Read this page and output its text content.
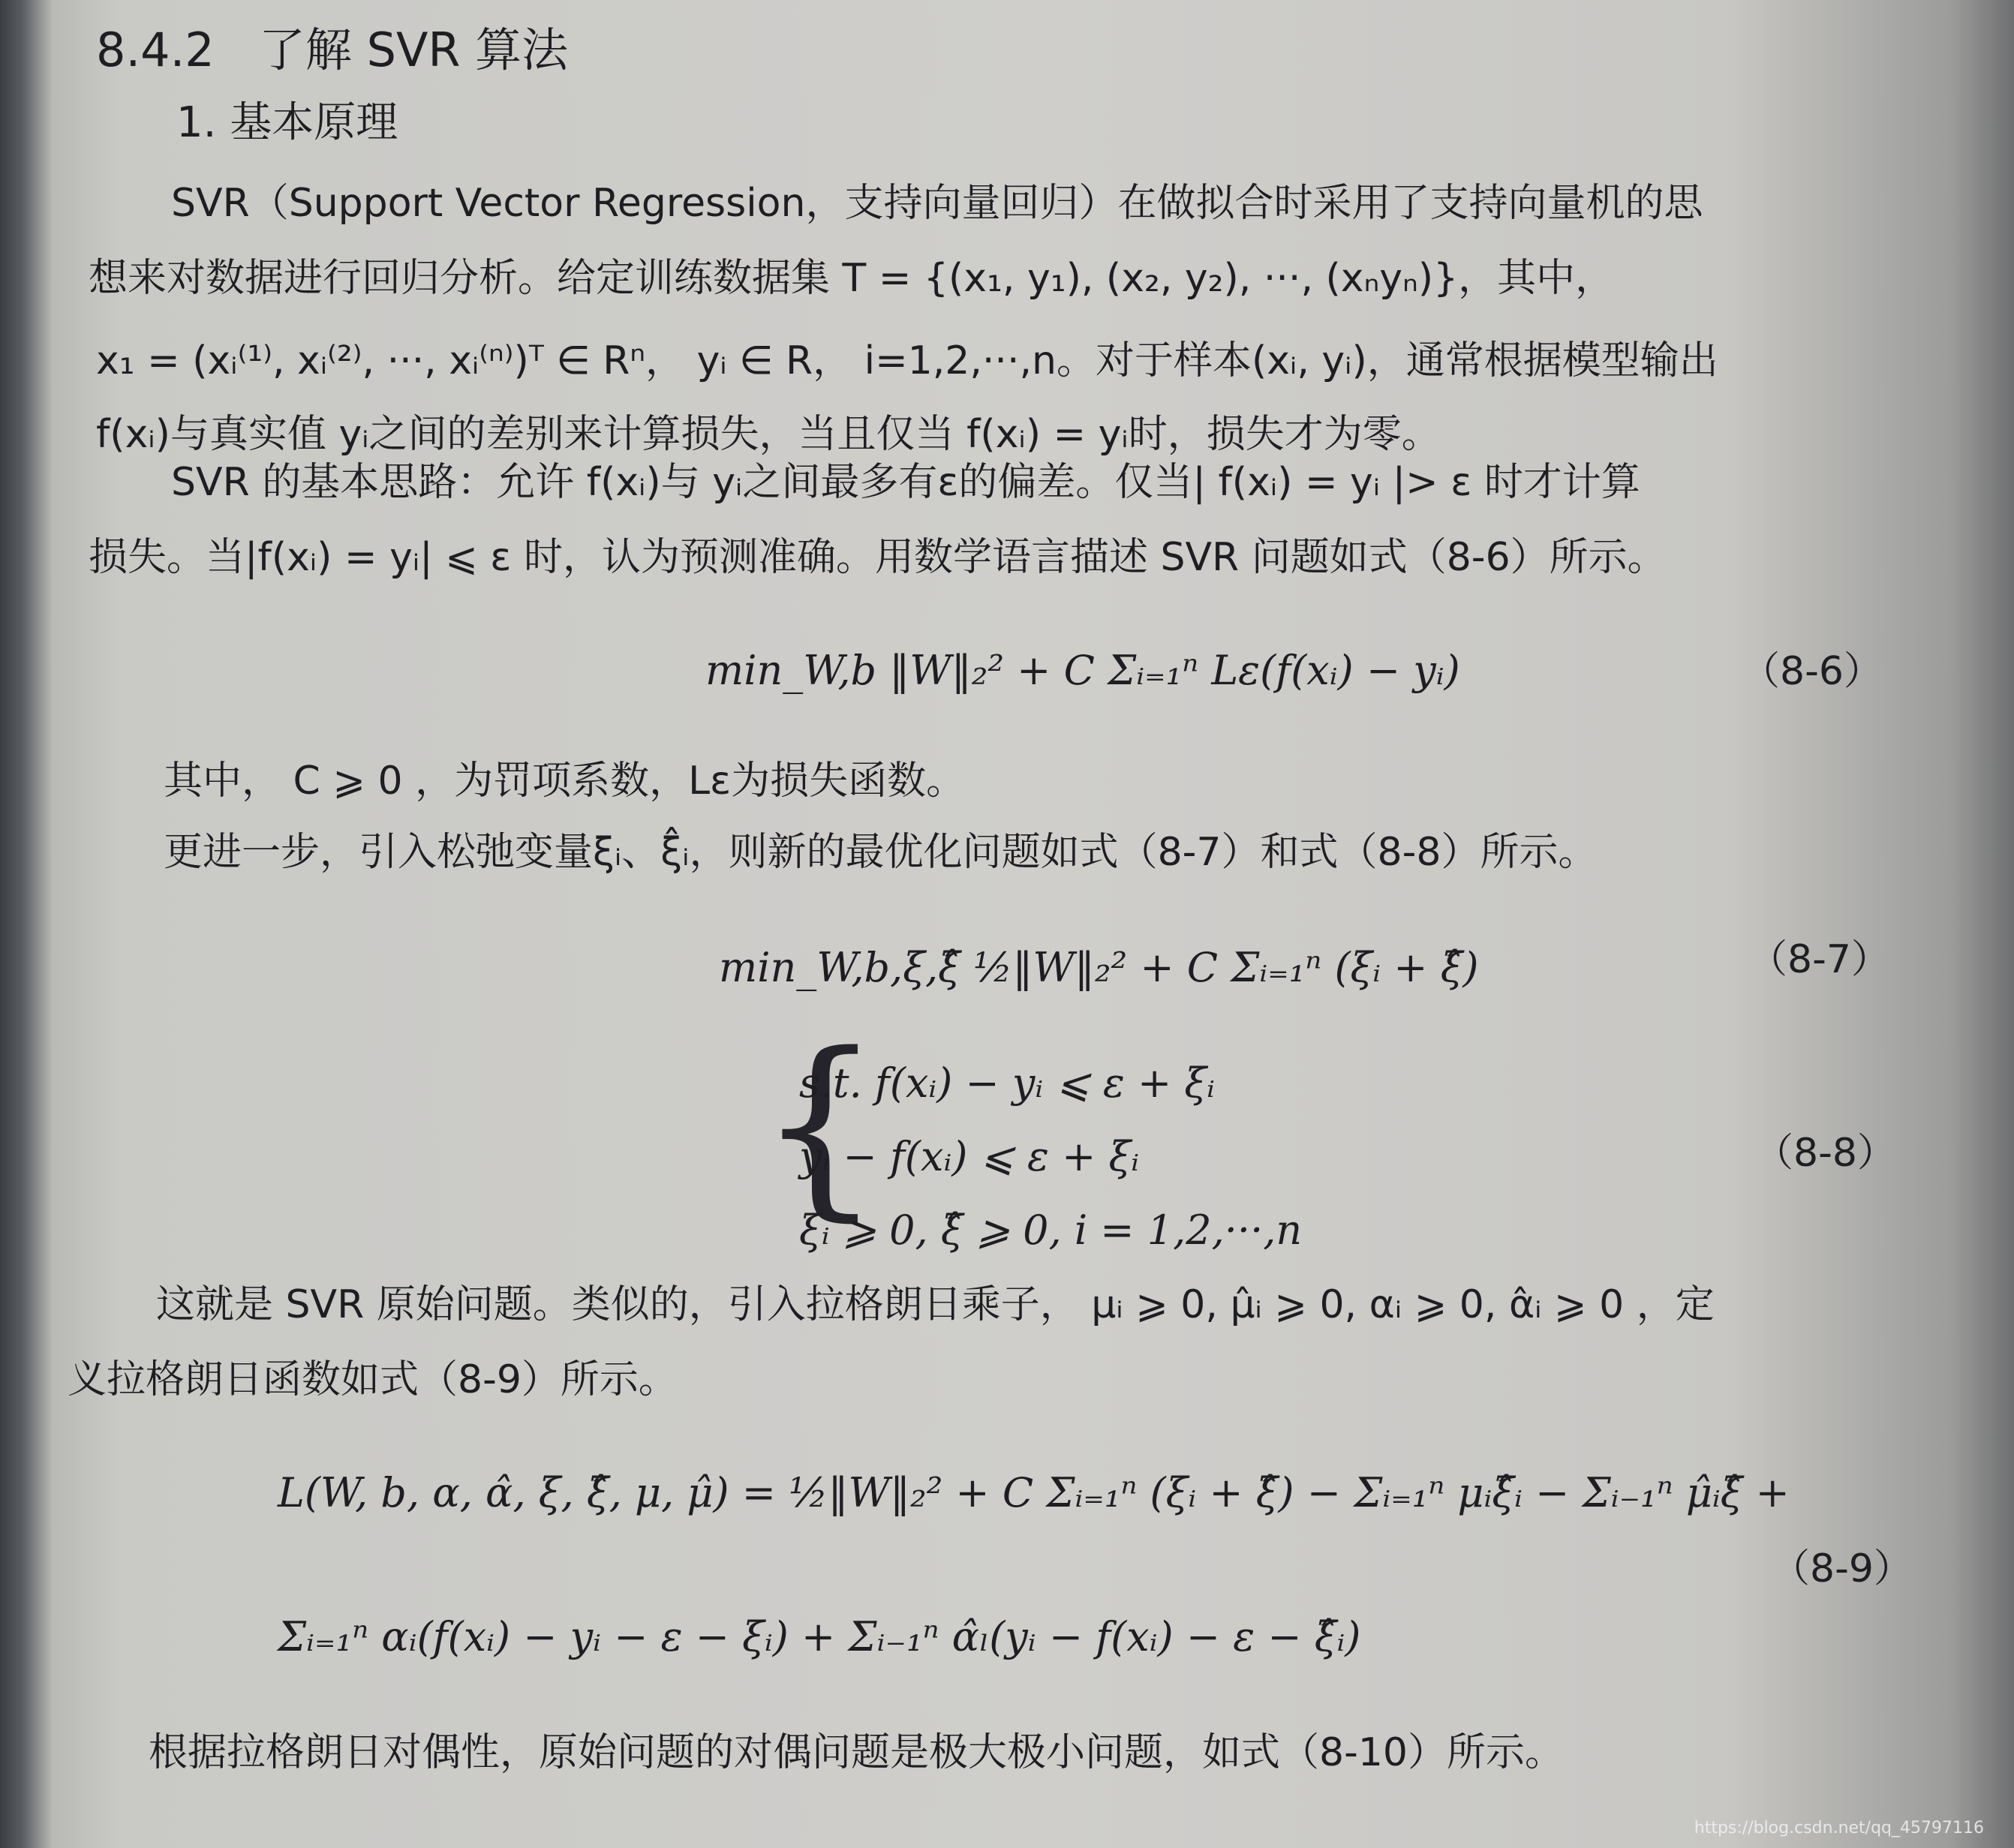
8.4.2 了解 SVR 算法
1. 基本原理
SVR（Support Vector Regression，支持向量回归）在做拟合时采用了支持向量机的思
想来对数据进行回归分析。给定训练数据集 T = {(x₁, y₁), (x₂, y₂), ···, (xₙyₙ)}，其中，
x₁ = (xᵢ⁽¹⁾, xᵢ⁽²⁾, ···, xᵢ⁽ⁿ⁾)ᵀ ∈ Rⁿ， yᵢ ∈ R， i=1,2,···,n。对于样本(xᵢ, yᵢ)，通常根据模型输出
f(xᵢ)与真实值 yᵢ之间的差别来计算损失，当且仅当 f(xᵢ) = yᵢ时，损失才为零。
SVR 的基本思路：允许 f(xᵢ)与 yᵢ之间最多有ε的偏差。仅当| f(xᵢ) = yᵢ |> ε 时才计算
损失。当|f(xᵢ) = yᵢ| ⩽ ε 时，认为预测准确。用数学语言描述 SVR 问题如式（8-6）所示。
min_W,b ‖W‖₂² + C Σᵢ₌₁ⁿ Lε(f(xᵢ) − yᵢ)	（8-6）
其中， C ⩾ 0 ，为罚项系数，Lε为损失函数。
更进一步，引入松弛变量ξᵢ、ξ̂ᵢ，则新的最优化问题如式（8-7）和式（8-8）所示。
min_W,b,ξ,ξ̂ ½‖W‖₂² + C Σᵢ₌₁ⁿ (ξᵢ + ξ̂)	（8-7）
{
s.t. f(xᵢ) − yᵢ ⩽ ε + ξᵢ
yᵢ − f(xᵢ) ⩽ ε + ξᵢ
ξᵢ ⩾ 0, ξ̂ ⩾ 0, i = 1,2,···,n
（8-8）
这就是 SVR 原始问题。类似的，引入拉格朗日乘子， μᵢ ⩾ 0, μ̂ᵢ ⩾ 0, αᵢ ⩾ 0, α̂ᵢ ⩾ 0 ，定
义拉格朗日函数如式（8-9）所示。
L(W, b, α, α̂, ξ, ξ̂, μ, μ̂) = ½‖W‖₂² + C Σᵢ₌₁ⁿ (ξᵢ + ξ̂) − Σᵢ₌₁ⁿ μᵢξ̂ᵢ − Σᵢ₋₁ⁿ μ̂ᵢξ̂ +
Σᵢ₌₁ⁿ αᵢ(f(xᵢ) − yᵢ − ε − ξᵢ) + Σᵢ₋₁ⁿ α̂ₗ(yᵢ − f(xᵢ) − ε − ξ̂ᵢ)
（8-9）
根据拉格朗日对偶性，原始问题的对偶问题是极大极小问题，如式（8-10）所示。
https://blog.csdn.net/qq_45797116
